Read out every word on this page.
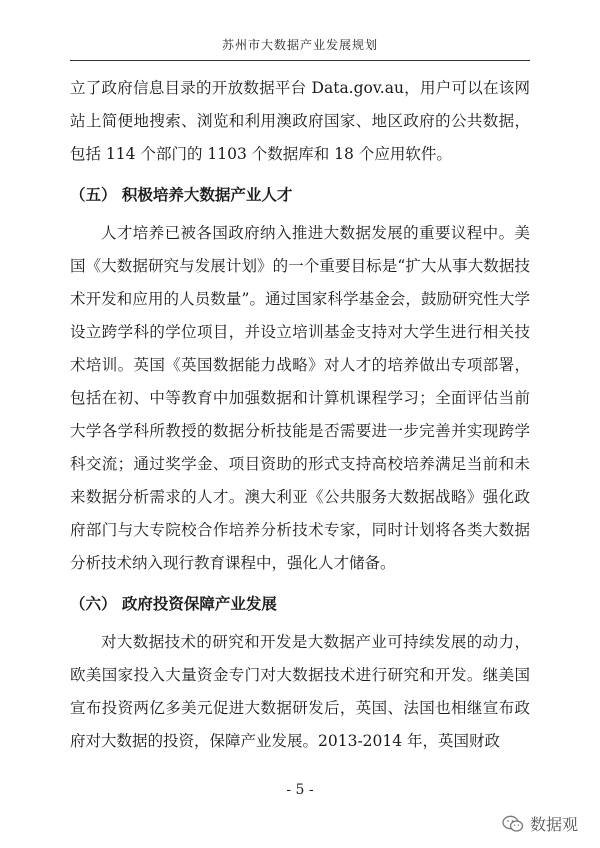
苏州市大数据产业发展规划

立了政府信息目录的开放数据平台 Data.gov.au，用户可以在该网站上简便地搜索、浏览和利用澳政府国家、地区政府的公共数据，包括 114 个部门的 1103 个数据库和 18 个应用软件。

（五） 积极培养大数据产业人才

人才培养已被各国政府纳入推进大数据发展的重要议程中。美国《大数据研究与发展计划》的一个重要目标是“扩大从事大数据技术开发和应用的人员数量”。通过国家科学基金会，鼓励研究性大学设立跨学科的学位项目，并设立培训基金支持对大学生进行相关技术培训。英国《英国数据能力战略》对人才的培养做出专项部署，包括在初、中等教育中加强数据和计算机课程学习；全面评估当前大学各学科所教授的数据分析技能是否需要进一步完善并实现跨学科交流；通过奖学金、项目资助的形式支持高校培养满足当前和未来数据分析需求的人才。澳大利亚《公共服务大数据战略》强化政府部门与大专院校合作培养分析技术专家，同时计划将各类大数据分析技术纳入现行教育课程中，强化人才储备。

（六） 政府投资保障产业发展

对大数据技术的研究和开发是大数据产业可持续发展的动力，欧美国家投入大量资金专门对大数据技术进行研究和开发。继美国宣布投资两亿多美元促进大数据研发后，英国、法国也相继宣布政府对大数据的投资，保障产业发展。2013-2014 年，英国财政

- 5 -
数据观
